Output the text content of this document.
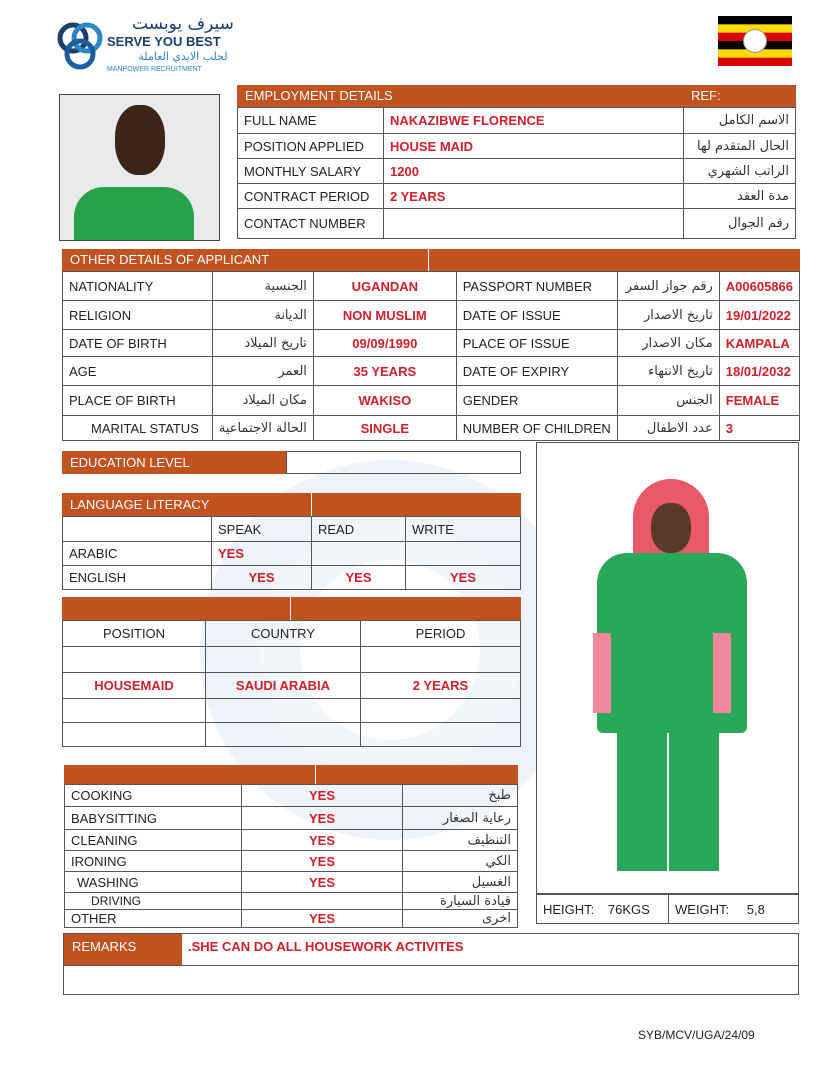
سيرف يوبست
SERVE YOU BEST
لجلب الايدي العاملة
MANPOWER RECRUITMENT
EMPLOYMENT DETAILS	REF:
FULL NAME	NAKAZIBWE FLORENCE	الاسم الكامل
POSITION APPLIED	HOUSE MAID	الحال المتقدم لها
MONTHLY SALARY	1200	الراتب الشهري
CONTRACT PERIOD	2 YEARS	مدة العقد
CONTACT NUMBER		رقم الجوال
OTHER DETAILS OF APPLICANT
NATIONALITY	الجنسية	UGANDAN	PASSPORT NUMBER	رقم جواز السفر	A00605866
RELIGION	الديانة	NON MUSLIM	DATE OF ISSUE	تاريخ الاصدار	19/01/2022
DATE OF BIRTH	تاريخ الميلاد	09/09/1990	PLACE OF ISSUE	مكان الاصدار	KAMPALA
AGE	العمر	35 YEARS	DATE OF EXPIRY	تاريخ الانتهاء	18/01/2032
PLACE OF BIRTH	مكان الميلاد	WAKISO	GENDER	الجنس	FEMALE
MARITAL STATUS	الحالة الاجتماعية	SINGLE	NUMBER OF CHILDREN	عدد الاطفال	3
EDUCATION LEVEL
LANGUAGE LITERACY
	SPEAK	READ	WRITE
ARABIC	YES		
ENGLISH	YES	YES	YES
POSITION	COUNTRY	PERIOD

HOUSEMAID	SAUDI ARABIA	2 YEARS

COOKING	YES	طبخ
BABYSITTING	YES	رعاية الصغار
CLEANING	YES	التنظيف
IRONING	YES	الكي
WASHING	YES	الغسيل
DRIVING		قيادة السيارة
OTHER	YES	اخرى
HEIGHT: 76KGS	WEIGHT: 5,8
REMARKS	.SHE CAN DO ALL HOUSEWORK ACTIVITES
SYB/MCV/UGA/24/09
